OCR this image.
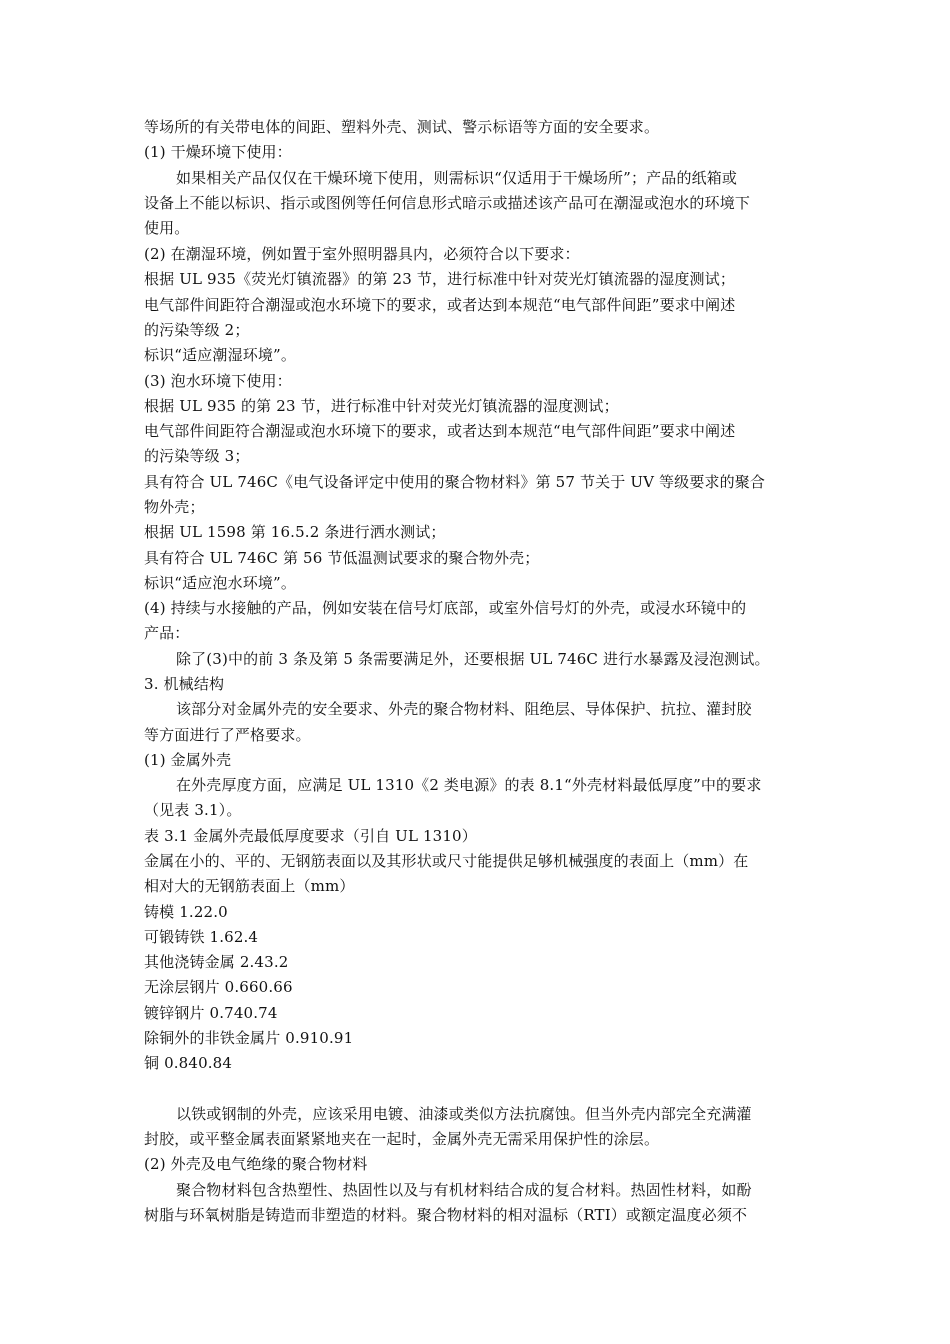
等场所的有关带电体的间距、塑料外壳、测试、警示标语等方面的安全要求。

(1) 干燥环境下使用：

如果相关产品仅仅在干燥环境下使用，则需标识“仅适用于干燥场所”；产品的纸箱或

设备上不能以标识、指示或图例等任何信息形式暗示或描述该产品可在潮湿或泡水的环境下

使用。

(2) 在潮湿环境，例如置于室外照明器具内，必须符合以下要求：

根据 UL 935《荧光灯镇流器》的第 23 节，进行标准中针对荧光灯镇流器的湿度测试；

电气部件间距符合潮湿或泡水环境下的要求，或者达到本规范“电气部件间距”要求中阐述

的污染等级 2；

标识“适应潮湿环境”。

(3) 泡水环境下使用：

根据 UL 935 的第 23 节，进行标准中针对荧光灯镇流器的湿度测试；

电气部件间距符合潮湿或泡水环境下的要求，或者达到本规范“电气部件间距”要求中阐述

的污染等级 3；

具有符合 UL 746C《电气设备评定中使用的聚合物材料》第 57 节关于 UV 等级要求的聚合

物外壳；

根据 UL 1598 第 16.5.2 条进行洒水测试；

具有符合 UL 746C 第 56 节低温测试要求的聚合物外壳；

标识“适应泡水环境”。

(4) 持续与水接触的产品，例如安装在信号灯底部，或室外信号灯的外壳，或浸水环镜中的

产品：

除了(3)中的前 3 条及第 5 条需要满足外，还要根据 UL 746C 进行水暴露及浸泡测试。

3. 机械结构

该部分对金属外壳的安全要求、外壳的聚合物材料、阻绝层、导体保护、抗拉、灌封胶

等方面进行了严格要求。

(1) 金属外壳

在外壳厚度方面，应满足 UL 1310《2 类电源》的表 8.1“外壳材料最低厚度”中的要求

（见表 3.1）。

表 3.1 金属外壳最低厚度要求（引自 UL 1310）

金属在小的、平的、无钢筋表面以及其形状或尺寸能提供足够机械强度的表面上（mm）在

相对大的无钢筋表面上（mm）

铸模 1.22.0

可锻铸铁 1.62.4

其他浇铸金属 2.43.2

无涂层钢片 0.660.66

镀锌钢片 0.740.74

除铜外的非铁金属片 0.910.91

铜 0.840.84

以铁或钢制的外壳，应该采用电镀、油漆或类似方法抗腐蚀。但当外壳内部完全充满灌

封胶，或平整金属表面紧紧地夹在一起时，金属外壳无需采用保护性的涂层。

(2) 外壳及电气绝缘的聚合物材料

聚合物材料包含热塑性、热固性以及与有机材料结合成的复合材料。热固性材料，如酚

树脂与环氧树脂是铸造而非塑造的材料。聚合物材料的相对温标（RTI）或额定温度必须不
